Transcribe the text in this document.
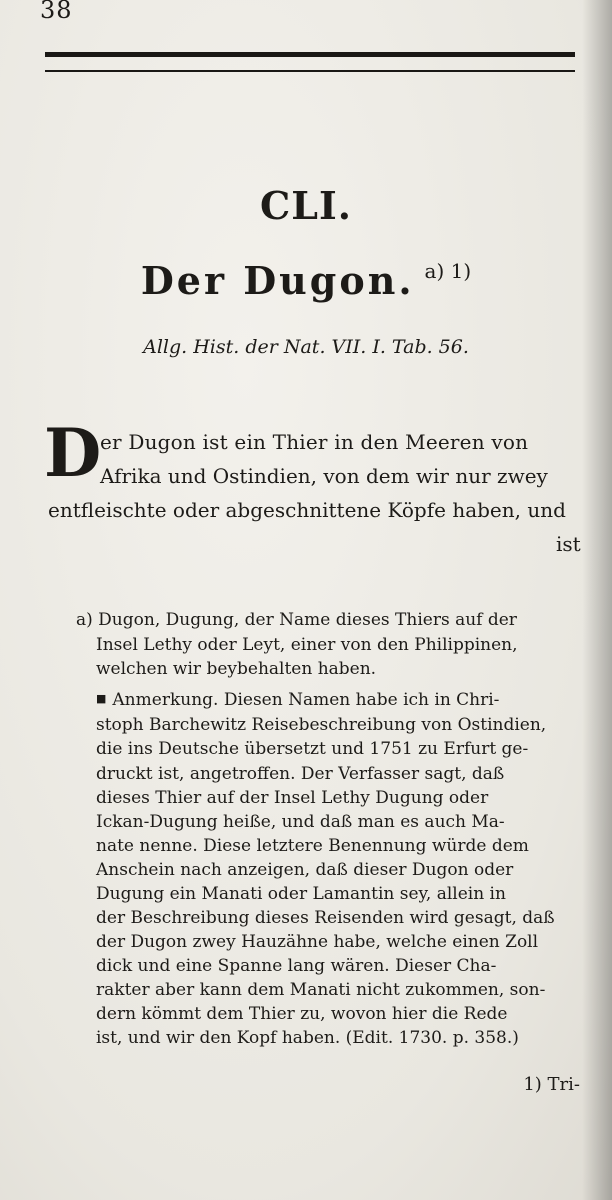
38
CLI.
Der Dugon. $^{a) 1)}$
Allg. Hist. der Nat. VII. I. Tab. 56.
D
er Dugon ist ein Thier in den Meeren von
Afrika und Ostindien, von dem wir nur zwey
entfleischte oder abgeschnittene Köpfe haben, und
ist
a) Dugon, Dugung, der Name dieses Thiers auf der
Insel Lethy oder Leyt, einer von den Philippinen,
welchen wir beybehalten haben.
■ Anmerkung. Diesen Namen habe ich in Chri-
stoph Barchewitz Reisebeschreibung von Ostindien,
die ins Deutsche übersetzt und 1751 zu Erfurt ge-
druckt ist, angetroffen. Der Verfasser sagt, daß
dieses Thier auf der Insel Lethy Dugung oder
Ickan-Dugung heiße, und daß man es auch Ma-
nate nenne. Diese letztere Benennung würde dem
Anschein nach anzeigen, daß dieser Dugon oder
Dugung ein Manati oder Lamantin sey, allein in
der Beschreibung dieses Reisenden wird gesagt, daß
der Dugon zwey Hauzähne habe, welche einen Zoll
dick und eine Spanne lang wären. Dieser Cha-
rakter aber kann dem Manati nicht zukommen, son-
dern kömmt dem Thier zu, wovon hier die Rede
ist, und wir den Kopf haben. (Edit. 1730. p. 358.)
1) Tri-
